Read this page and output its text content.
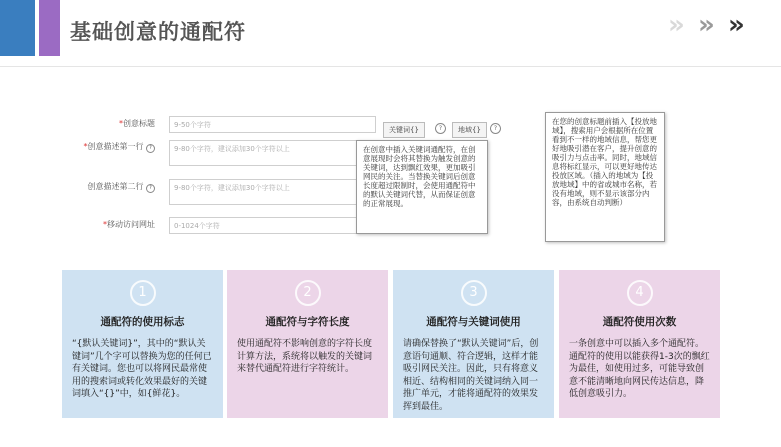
基础创意的通配符	» » »
*创意标题	9-50个字符
关键词{}	?	地域{}	?
*创意描述第一行 ?	9-80个字符，建议添加30个字符以上
创意描述第二行 ?	9-80个字符，建议添加30个字符以上
*移动访问网址	0-1024个字符
在创意中插入关键词通配符，在创意展现时会将其替换为触发创意的关键词，达到飘红效果，更加吸引网民的关注。当替换关键词后创意长度超过限制时，会使用通配符中的默认关键词代替，从而保证创意的正常展现。
在您的创意标题前插入【投放地域】，搜索用户会根据所在位置看到不一样的地域信息，帮您更好地吸引潜在客户，提升创意的吸引力与点击率。同时，地域信息将标红显示，可以更好地传达投放区域。（插入的地域为【投放地域】中的省或城市名称，若没有地域，则不显示该部分内容，由系统自动判断）
1
通配符的使用标志
“{默认关键词}”，其中的“默认关键词”几个字可以替换为您的任何已有关键词。您也可以将网民最常使用的搜索词或转化效果最好的关键词填入“{}”中，如{鲜花}。
2
通配符与字符长度
使用通配符不影响创意的字符长度计算方法，系统将以触发的关键词来替代通配符进行字符统计。
3
通配符与关键词使用
请确保替换了“默认关键词”后，创意语句通顺、符合逻辑，这样才能吸引网民关注。因此，只有将意义相近、结构相同的关键词纳入同一推广单元，才能将通配符的效果发挥到最佳。
4
通配符使用次数
一条创意中可以插入多个通配符。通配符的使用以能获得1-3次的飘红为最佳，如使用过多，可能导致创意不能清晰地向网民传达信息，降低创意吸引力。
